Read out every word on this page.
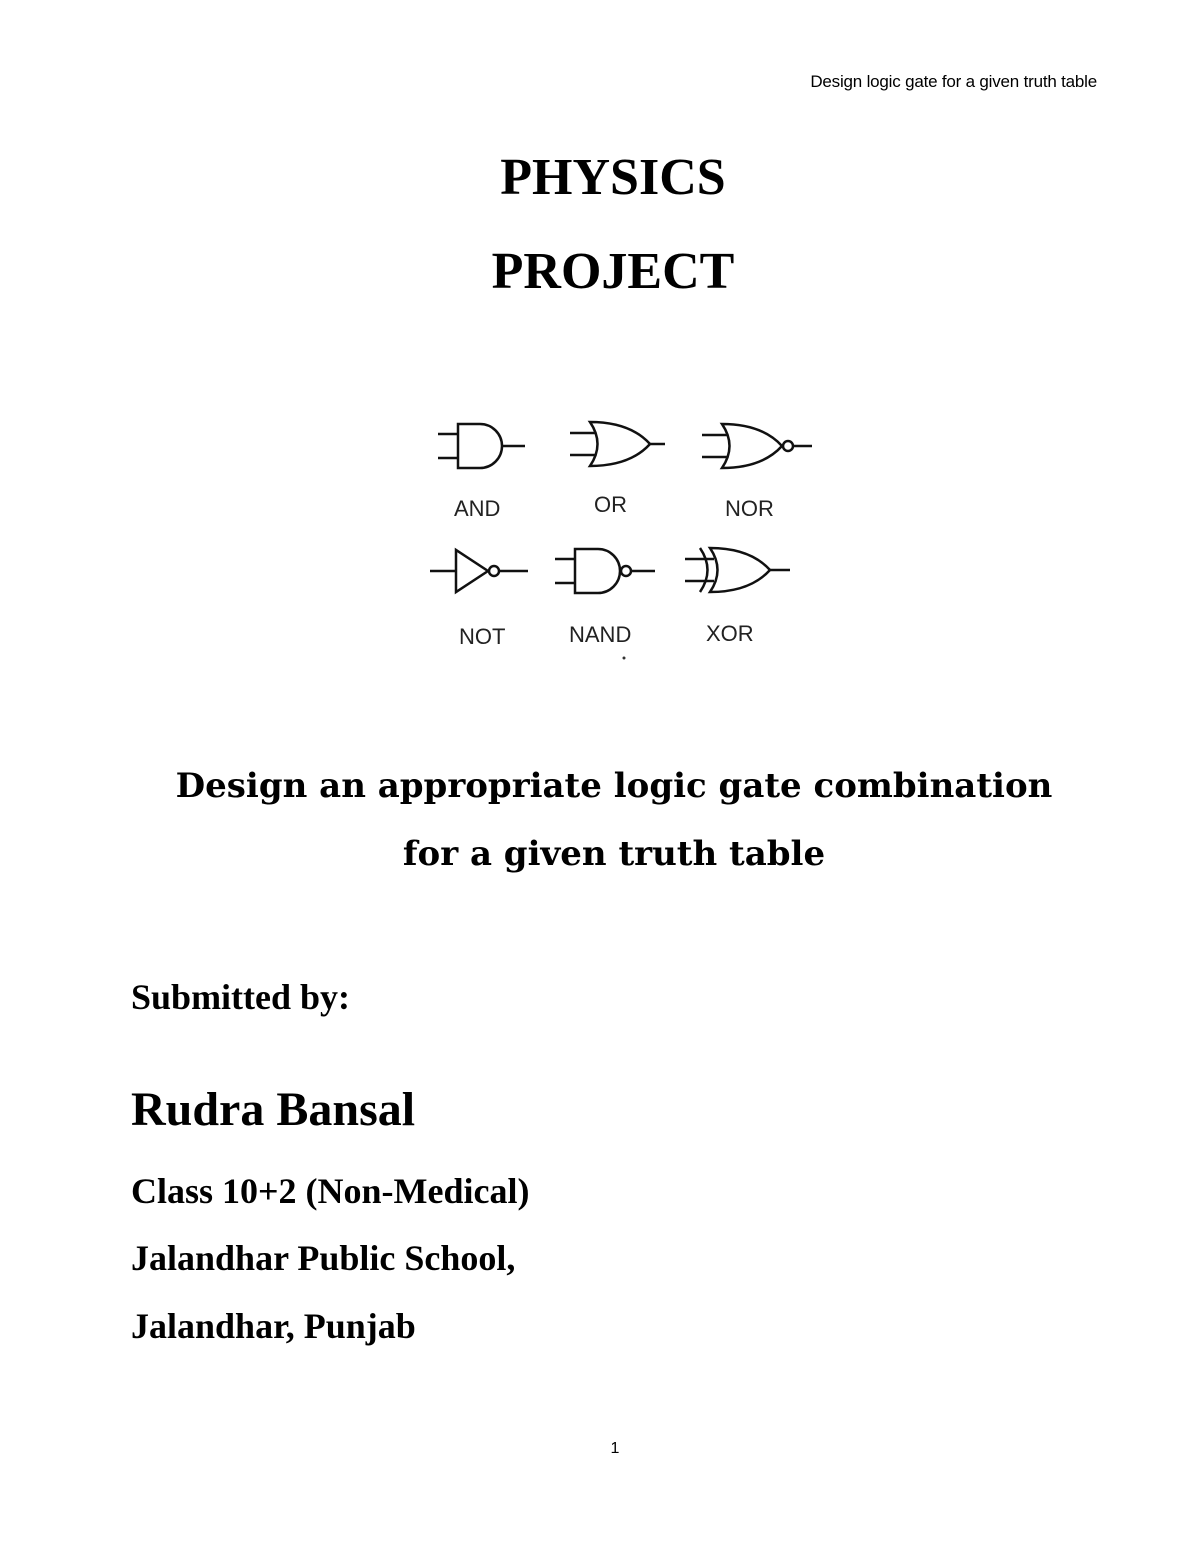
Design logic gate for a given truth table
PHYSICS
PROJECT
AND	OR	NOR
NOT	NAND	XOR
Design an appropriate logic gate combination
for a given truth table
Submitted by:
Rudra Bansal
Class 10+2 (Non-Medical)
Jalandhar Public School,
Jalandhar, Punjab
1
